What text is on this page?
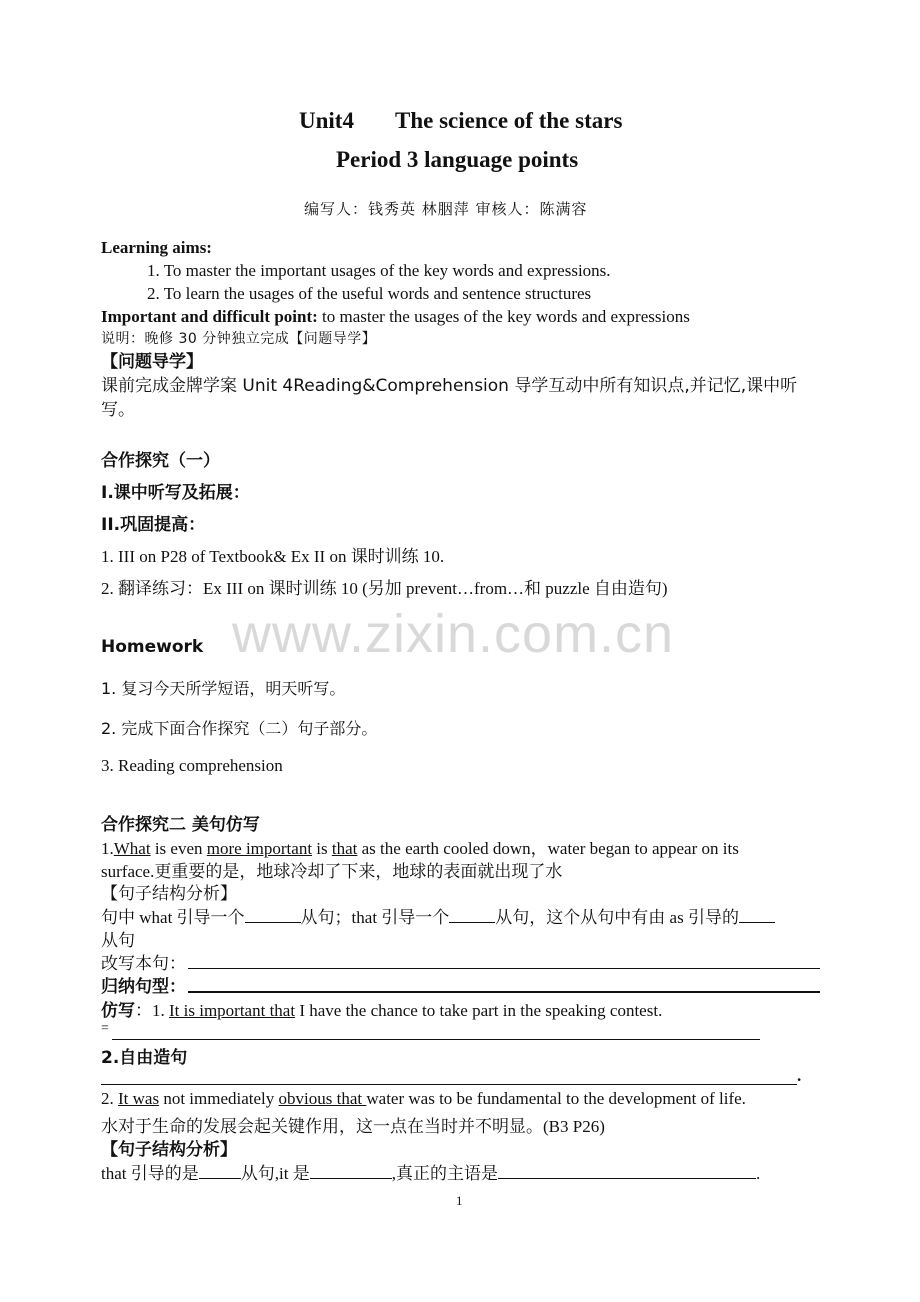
Unit4 The science of the stars
Period 3 language points
编写人：钱秀英 林胭萍 审核人：陈满容
Learning aims:
1. To master the important usages of the key words and expressions.
2. To learn the usages of the useful words and sentence structures
Important and difficult point: to master the usages of the key words and expressions
说明：晚修 30 分钟独立完成【问题导学】
【问题导学】
课前完成金牌学案 Unit 4Reading&Comprehension 导学互动中所有知识点,并记忆,课中听
写。
合作探究（一）
I.课中听写及拓展：
II.巩固提高：
1. III on P28 of Textbook& Ex II on 课时训练 10.
2. 翻译练习：Ex III on 课时训练 10 (另加 prevent…from…和 puzzle 自由造句)
www.zixin.com.cn
Homework
1. 复习今天所学短语，明天听写。
2. 完成下面合作探究（二）句子部分。
3. Reading comprehension
合作探究二 美句仿写
1.What is even more important is that as the earth cooled down，water began to appear on its
surface.更重要的是，地球冷却了下来，地球的表面就出现了水
【句子结构分析】
句中 what 引导一个	从句；that 引导一个	从句，这个从句中有由 as 引导的
从句
改写本句：
归纳句型：
仿写：1. It is important that I have the chance to take part in the speaking contest.
=
2.自由造句
.
2. It was not immediately obvious that water was to be fundamental to the development of life.
水对于生命的发展会起关键作用，这一点在当时并不明显。(B3 P26)
【句子结构分析】
that 引导的是 从句,it 是	,真正的主语是	.
1
